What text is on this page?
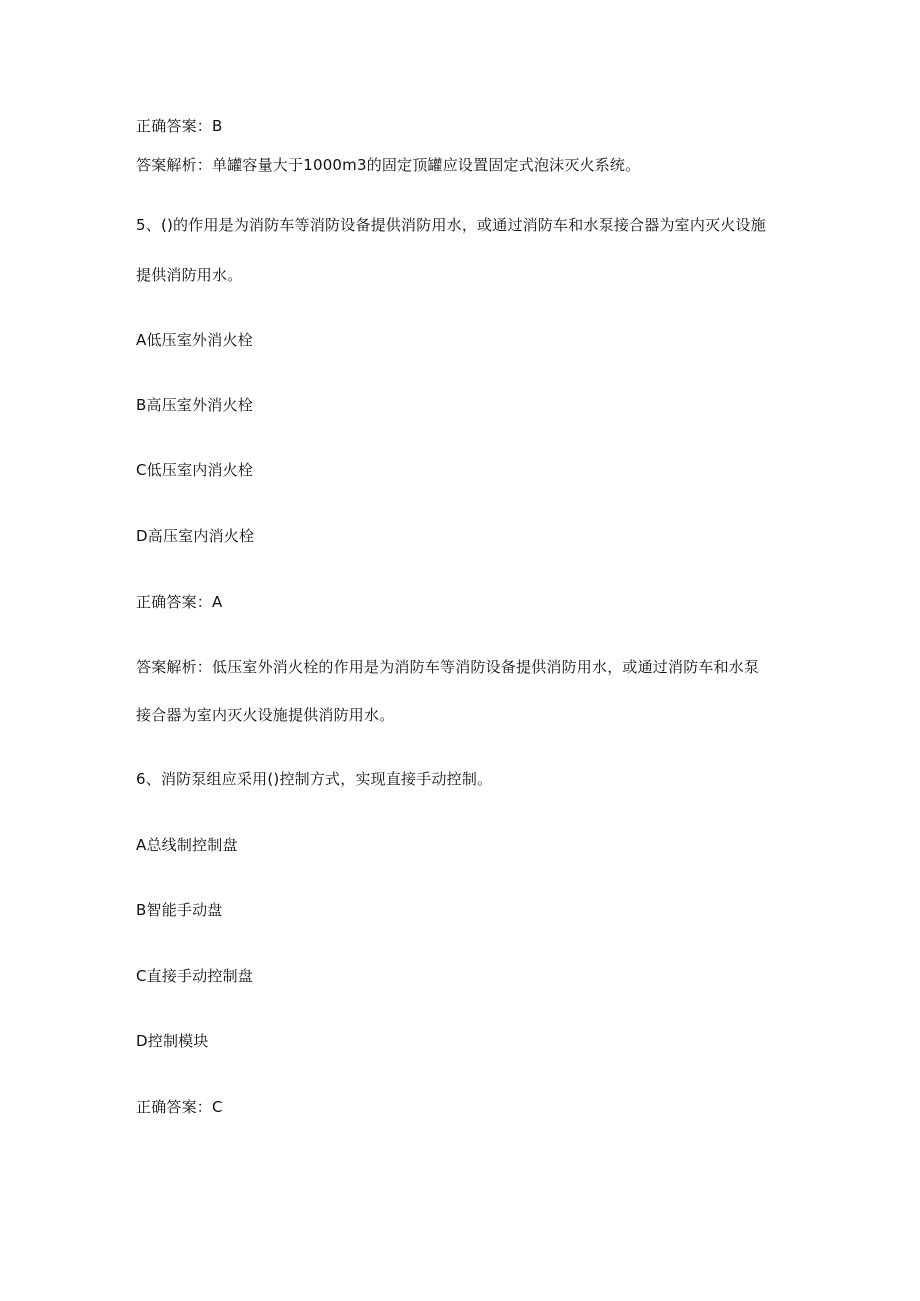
正确答案：B
答案解析：单罐容量大于1000m3的固定顶罐应设置固定式泡沫灭火系统。
5、()的作用是为消防车等消防设备提供消防用水，或通过消防车和水泵接合器为室内灭火设施
提供消防用水。
A低压室外消火栓
B高压室外消火栓
C低压室内消火栓
D高压室内消火栓
正确答案：A
答案解析：低压室外消火栓的作用是为消防车等消防设备提供消防用水，或通过消防车和水泵
接合器为室内灭火设施提供消防用水。
6、消防泵组应采用()控制方式，实现直接手动控制。
A总线制控制盘
B智能手动盘
C直接手动控制盘
D控制模块
正确答案：C
